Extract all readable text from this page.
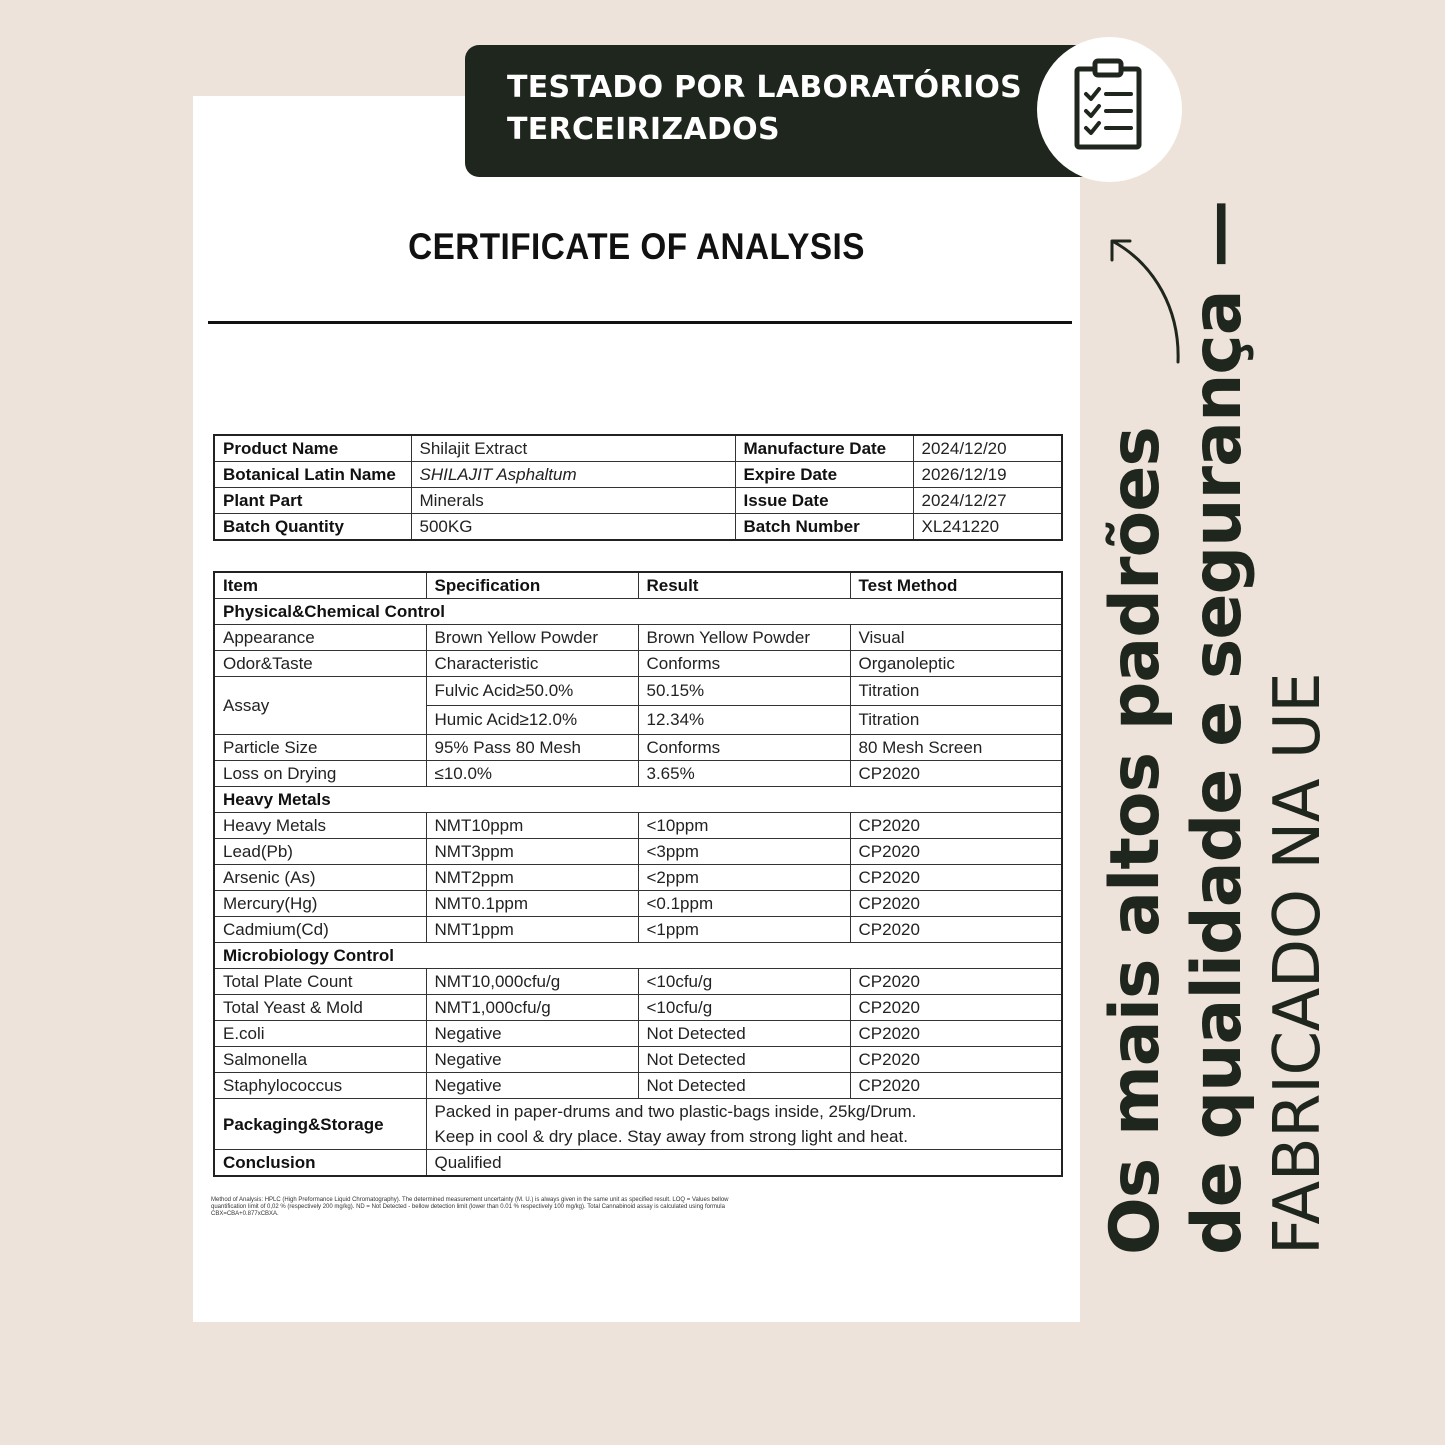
TESTADO POR LABORATÓRIOS
TERCEIRIZADOS
CERTIFICATE OF ANALYSIS
Product Name	Shilajit Extract	Manufacture Date	2024/12/20
Botanical Latin Name	SHILAJIT Asphaltum	Expire Date	2026/12/19
Plant Part	Minerals	Issue Date	2024/12/27
Batch Quantity	500KG	Batch Number	XL241220
Item	Specification	Result	Test Method
Physical&Chemical Control			
Appearance	Brown Yellow Powder	Brown Yellow Powder	Visual
Odor&Taste	Characteristic	Conforms	Organoleptic
Assay	Fulvic Acid≥50.0%	50.15%	Titration
	Humic Acid≥12.0%	12.34%	Titration
Particle Size	95% Pass 80 Mesh	Conforms	80 Mesh Screen
Loss on Drying	≤10.0%	3.65%	CP2020
Heavy Metals			
Heavy Metals	NMT10ppm	<10ppm	CP2020
Lead(Pb)	NMT3ppm	<3ppm	CP2020
Arsenic (As)	NMT2ppm	<2ppm	CP2020
Mercury(Hg)	NMT0.1ppm	<0.1ppm	CP2020
Cadmium(Cd)	NMT1ppm	<1ppm	CP2020
Microbiology Control			
Total Plate Count	NMT10,000cfu/g	<10cfu/g	CP2020
Total Yeast & Mold	NMT1,000cfu/g	<10cfu/g	CP2020
E.coli	Negative	Not Detected	CP2020
Salmonella	Negative	Not Detected	CP2020
Staphylococcus	Negative	Not Detected	CP2020
Packaging&Storage	Packed in paper-drums and two plastic-bags inside, 25kg/Drum.
Keep in cool & dry place. Stay away from strong light and heat.		

Conclusion	Qualified		
Method of Analysis: HPLC (High Preformance Liquid Chromatography). The determined measurement uncertainty (M. U.) is always given in the same unit as specified result. LOQ = Values bellow quantification limit of 0,02 % (respectively 200 mg/kg). ND = Not Detected - bellow detection limit (lower than 0.01 % respectively 100 mg/kg). Total Cannabinoid assay is calculated using formula CBX=CBA+0.877xCBXA.	Os mais altos padrões de qualidade e segurança — FABRICADO NA UE
